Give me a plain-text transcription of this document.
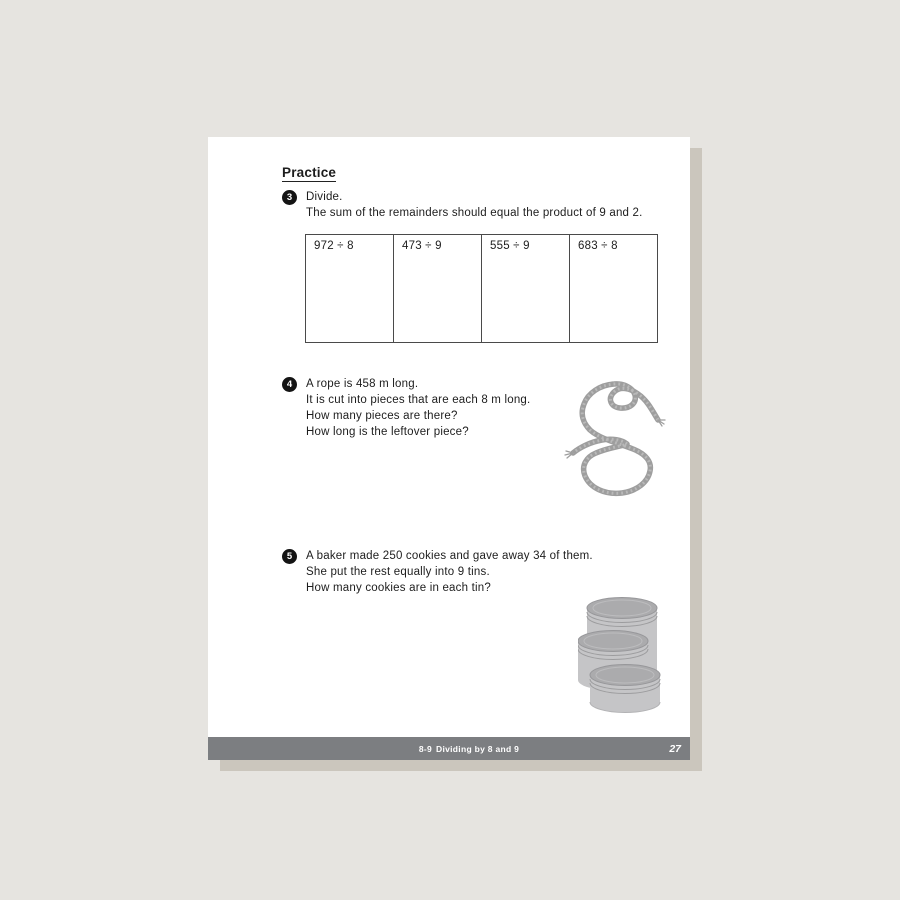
Practice
3	Divide.
The sum of the remainders should equal the product of 9 and 2.
972 ÷ 8	473 ÷ 9	555 ÷ 9	683 ÷ 8
4	A rope is 458 m long.
It is cut into pieces that are each 8 m long.
How many pieces are there?
How long is the leftover piece?
5	A baker made 250 cookies and gave away 34 of them.
She put the rest equally into 9 tins.
How many cookies are in each tin?
8-9 Dividing by 8 and 9	27
